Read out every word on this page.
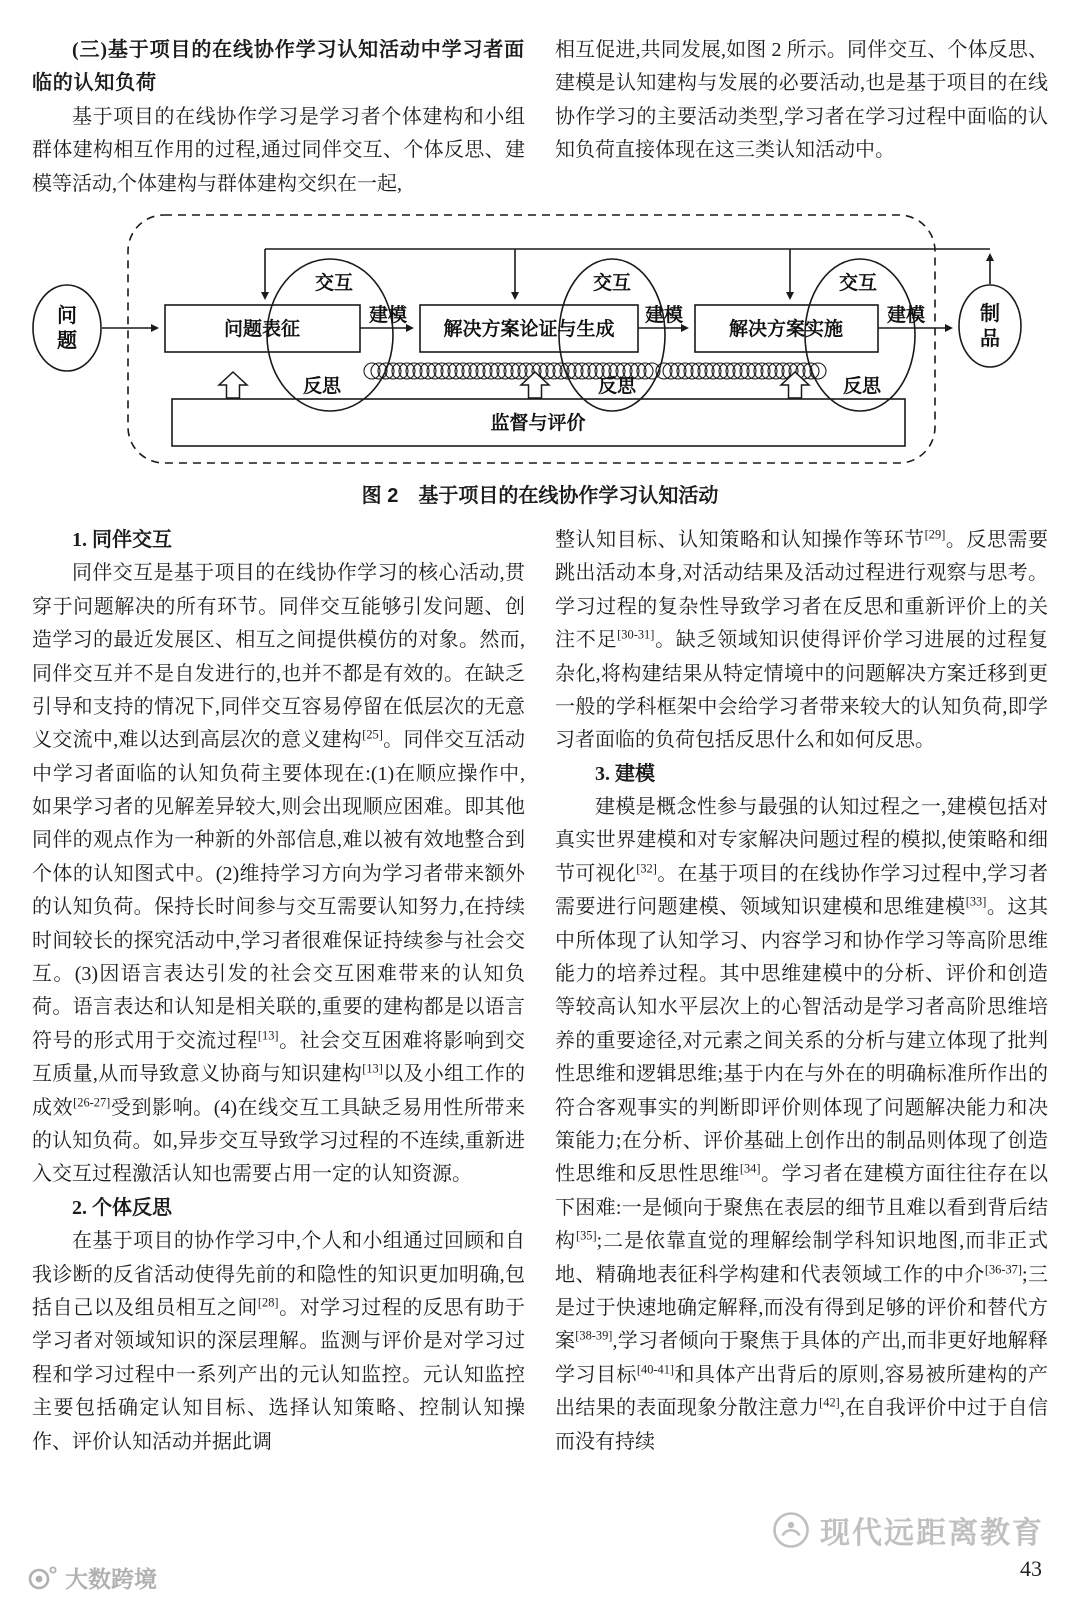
(三)基于项目的在线协作学习认知活动中学习者面临的认知负荷

基于项目的在线协作学习是学习者个体建构和小组群体建构相互作用的过程,通过同伴交互、个体反思、建模等活动,个体建构与群体建构交织在一起,

相互促进,共同发展,如图 2 所示。同伴交互、个体反思、建模是认知建构与发展的必要活动,也是基于项目的在线协作学习的主要活动类型,学习者在学习过程中面临的认知负荷直接体现在这三类认知活动中。

问
题
制
品
问题表征	解决方案论证与生成	解决方案实施
监督与评价
交互	交互	交互
反思	反思	反思
建模	建模	建模
图 2　基于项目的在线协作学习认知活动
1. 同伴交互

同伴交互是基于项目的在线协作学习的核心活动,贯穿于问题解决的所有环节。同伴交互能够引发问题、创造学习的最近发展区、相互之间提供模仿的对象。然而,同伴交互并不是自发进行的,也并不都是有效的。在缺乏引导和支持的情况下,同伴交互容易停留在低层次的无意义交流中,难以达到高层次的意义建构[25]。同伴交互活动中学习者面临的认知负荷主要体现在:(1)在顺应操作中,如果学习者的见解差异较大,则会出现顺应困难。即其他同伴的观点作为一种新的外部信息,难以被有效地整合到个体的认知图式中。(2)维持学习方向为学习者带来额外的认知负荷。保持长时间参与交互需要认知努力,在持续时间较长的探究活动中,学习者很难保证持续参与社会交互。(3)因语言表达引发的社会交互困难带来的认知负荷。语言表达和认知是相关联的,重要的建构都是以语言符号的形式用于交流过程[13]。社会交互困难将影响到交互质量,从而导致意义协商与知识建构[13]以及小组工作的成效[26-27]受到影响。(4)在线交互工具缺乏易用性所带来的认知负荷。如,异步交互导致学习过程的不连续,重新进入交互过程激活认知也需要占用一定的认知资源。

2. 个体反思

在基于项目的协作学习中,个人和小组通过回顾和自我诊断的反省活动使得先前的和隐性的知识更加明确,包括自己以及组员相互之间[28]。对学习过程的反思有助于学习者对领域知识的深层理解。监测与评价是对学习过程和学习过程中一系列产出的元认知监控。元认知监控主要包括确定认知目标、选择认知策略、控制认知操作、评价认知活动并据此调

整认知目标、认知策略和认知操作等环节[29]。反思需要跳出活动本身,对活动结果及活动过程进行观察与思考。学习过程的复杂性导致学习者在反思和重新评价上的关注不足[30-31]。缺乏领域知识使得评价学习进展的过程复杂化,将构建结果从特定情境中的问题解决方案迁移到更一般的学科框架中会给学习者带来较大的认知负荷,即学习者面临的负荷包括反思什么和如何反思。

3. 建模

建模是概念性参与最强的认知过程之一,建模包括对真实世界建模和对专家解决问题过程的模拟,使策略和细节可视化[32]。在基于项目的在线协作学习过程中,学习者需要进行问题建模、领域知识建模和思维建模[33]。这其中所体现了认知学习、内容学习和协作学习等高阶思维能力的培养过程。其中思维建模中的分析、评价和创造等较高认知水平层次上的心智活动是学习者高阶思维培养的重要途径,对元素之间关系的分析与建立体现了批判性思维和逻辑思维;基于内在与外在的明确标准所作出的符合客观事实的判断即评价则体现了问题解决能力和决策能力;在分析、评价基础上创作出的制品则体现了创造性思维和反思性思维[34]。学习者在建模方面往往存在以下困难:一是倾向于聚焦在表层的细节且难以看到背后结构[35];二是依靠直觉的理解绘制学科知识地图,而非正式地、精确地表征科学构建和代表领域工作的中介[36-37];三是过于快速地确定解释,而没有得到足够的评价和替代方案[38-39],学习者倾向于聚焦于具体的产出,而非更好地解释学习目标[40-41]和具体产出背后的原则,容易被所建构的产出结果的表面现象分散注意力[42],在自我评价中过于自信而没有持续

大数跨境
现代远距离教育
43
